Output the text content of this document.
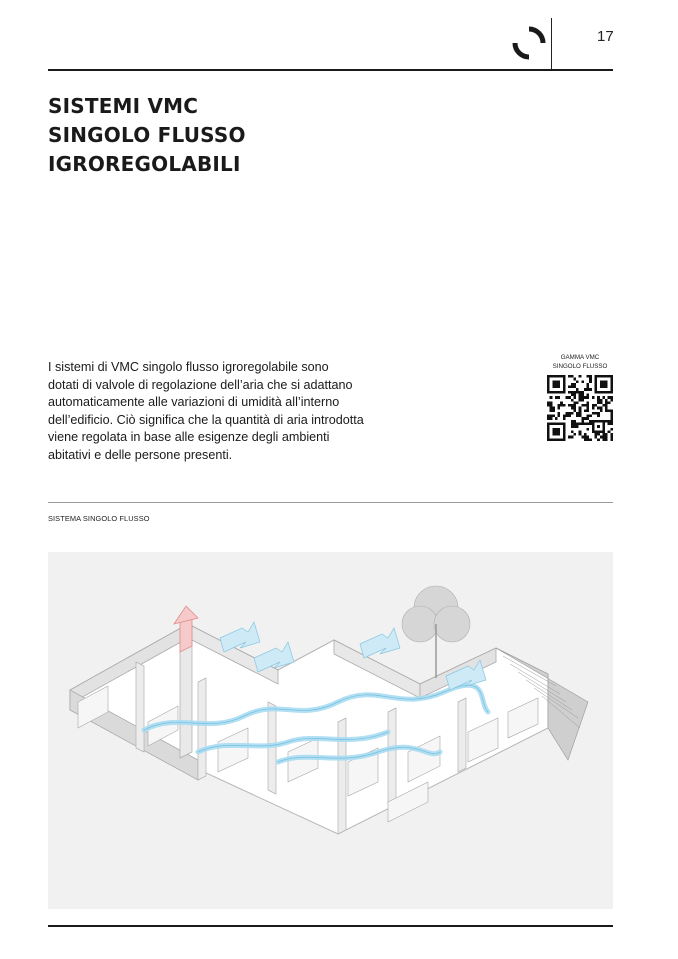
17
SISTEMI VMC
SINGOLO FLUSSO
IGROREGOLABILI
I sistemi di VMC singolo flusso igroregolabile sono
dotati di valvole di regolazione dell’aria che si adattano
automaticamente alle variazioni di umidità all’interno
dell’edificio. Ciò significa che la quantità di aria introdotta
viene regolata in base alle esigenze degli ambienti
abitativi e delle persone presenti.
GAMMA VMC
SINGOLO FLUSSO
SISTEMA SINGOLO FLUSSO
